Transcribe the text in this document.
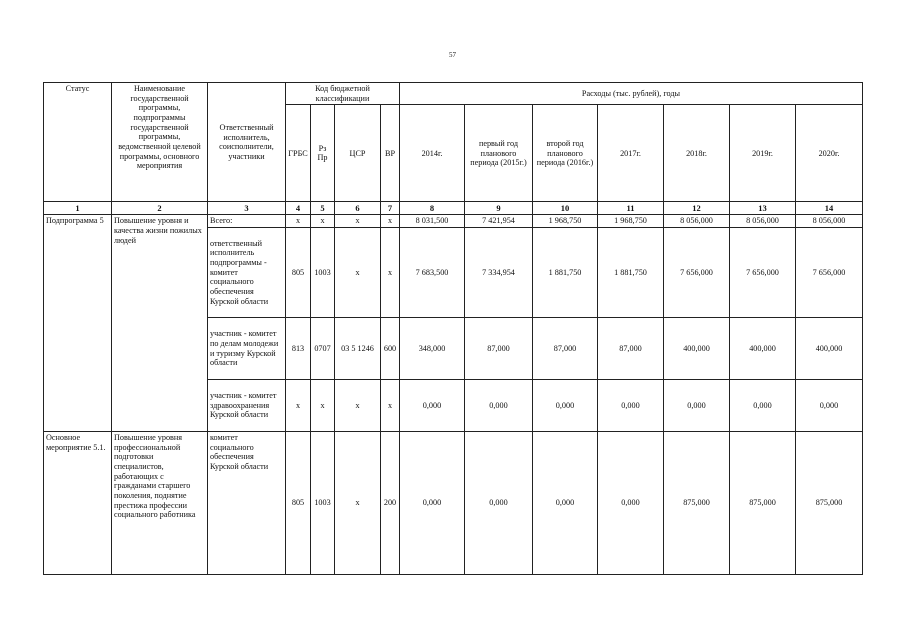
57
Статус	Наименование государственной программы, подпрограммы государственной программы, ведомственной целевой программы, основного мероприятия	Ответственный исполнитель, соисполнители, участники	Код бюджетной классификации				Расходы (тыс. рублей), годы						
			ГРБС	Рз Пр	ЦСР	ВР	2014г.	первый год планового периода (2015г.)	второй год планового периода (2016г.)	2017г.	2018г.	2019г.	2020г.
1	2	3	4	5	6	7	8	9	10	11	12	13	14
Подпрограмма 5	Повышение уровня и качества жизни пожилых людей	Всего:	х	х	х	х	8 031,500	7 421,954	1 968,750	1 968,750	8 056,000	8 056,000	8 056,000
		ответственный исполнитель подпрограммы - комитет социального обеспечения Курской области	805	1003	х	х	7 683,500	7 334,954	1 881,750	1 881,750	7 656,000	7 656,000	7 656,000
		участник - комитет по делам молодежи и туризму Курской области	813	0707	03 5 1246	600	348,000	87,000	87,000	87,000	400,000	400,000	400,000
		участник - комитет здравоохранения Курской области	х	х	х	х	0,000	0,000	0,000	0,000	0,000	0,000	0,000
Основное мероприятие 5.1.	Повышение уровня профессиональной подготовки специалистов, работающих с гражданами старшего поколения, поднятие престижа профессии социального работника	комитет социального обеспечения Курской области	805	1003	х	200	0,000	0,000	0,000	0,000	875,000	875,000	875,000
